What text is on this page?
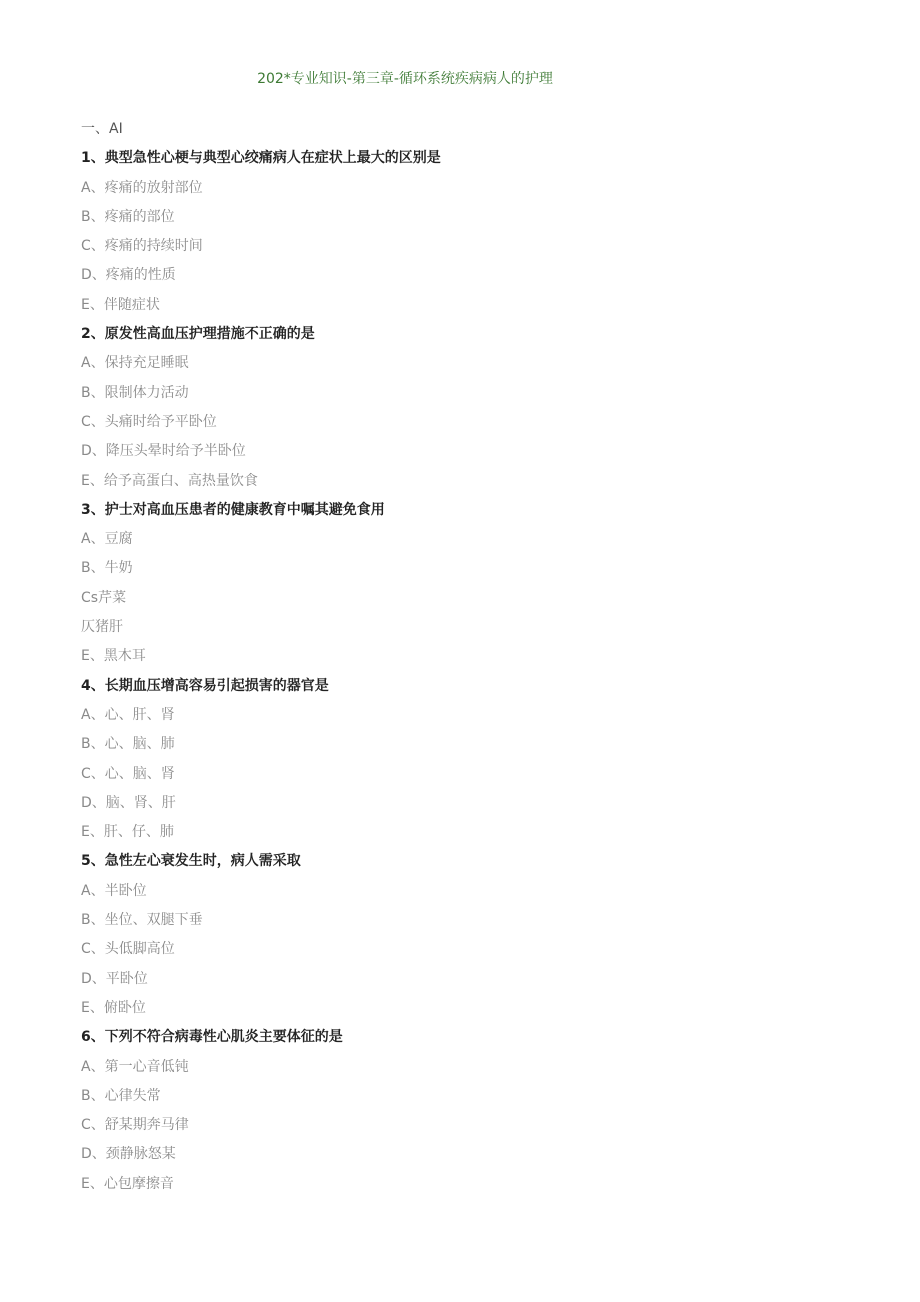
202*专业知识-第三章-循环系统疾病病人的护理
一、AI
1、典型急性心梗与典型心绞痛病人在症状上最大的区别是
A、疼痛的放射部位
B、疼痛的部位
C、疼痛的持续时间
D、疼痛的性质
E、伴随症状
2、原发性高血压护理措施不正确的是
A、保持充足睡眠
B、限制体力活动
C、头痛时给予平卧位
D、降压头晕时给予半卧位
E、给予高蛋白、高热量饮食
3、护士对高血压患者的健康教育中嘱其避免食用
A、豆腐
B、牛奶
Cs芹菜
仄猪肝
E、黑木耳
4、长期血压增高容易引起损害的器官是
A、心、肝、肾
B、心、脑、肺
C、心、脑、肾
D、脑、肾、肝
E、肝、仔、肺
5、急性左心衰发生时，病人需采取
A、半卧位
B、坐位、双腿下垂
C、头低脚高位
D、平卧位
E、俯卧位
6、下列不符合病毒性心肌炎主要体征的是
A、第一心音低钝
B、心律失常
C、舒某期奔马律
D、颈静脉怒某
E、心包摩擦音
